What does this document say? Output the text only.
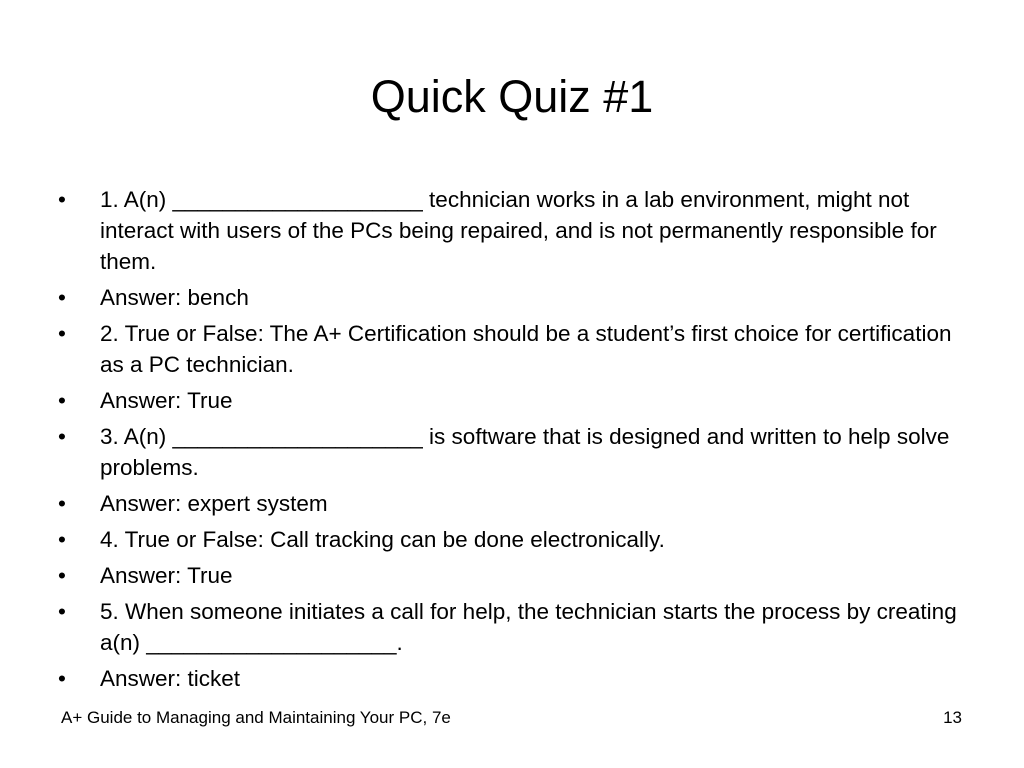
Quick Quiz #1
• 1. A(n) ____________________ technician works in a lab environment, might not interact with users of the PCs being repaired, and is not permanently responsible for them.
• Answer: bench
• 2. True or False: The A+ Certification should be a student’s first choice for certification as a PC technician.
• Answer: True
• 3. A(n) ____________________ is software that is designed and written to help solve problems.
• Answer: expert system
• 4. True or False: Call tracking can be done electronically.
• Answer: True
• 5. When someone initiates a call for help, the technician starts the process by creating a(n) ____________________.
• Answer: ticket
A+ Guide to Managing and Maintaining Your PC, 7e	13
